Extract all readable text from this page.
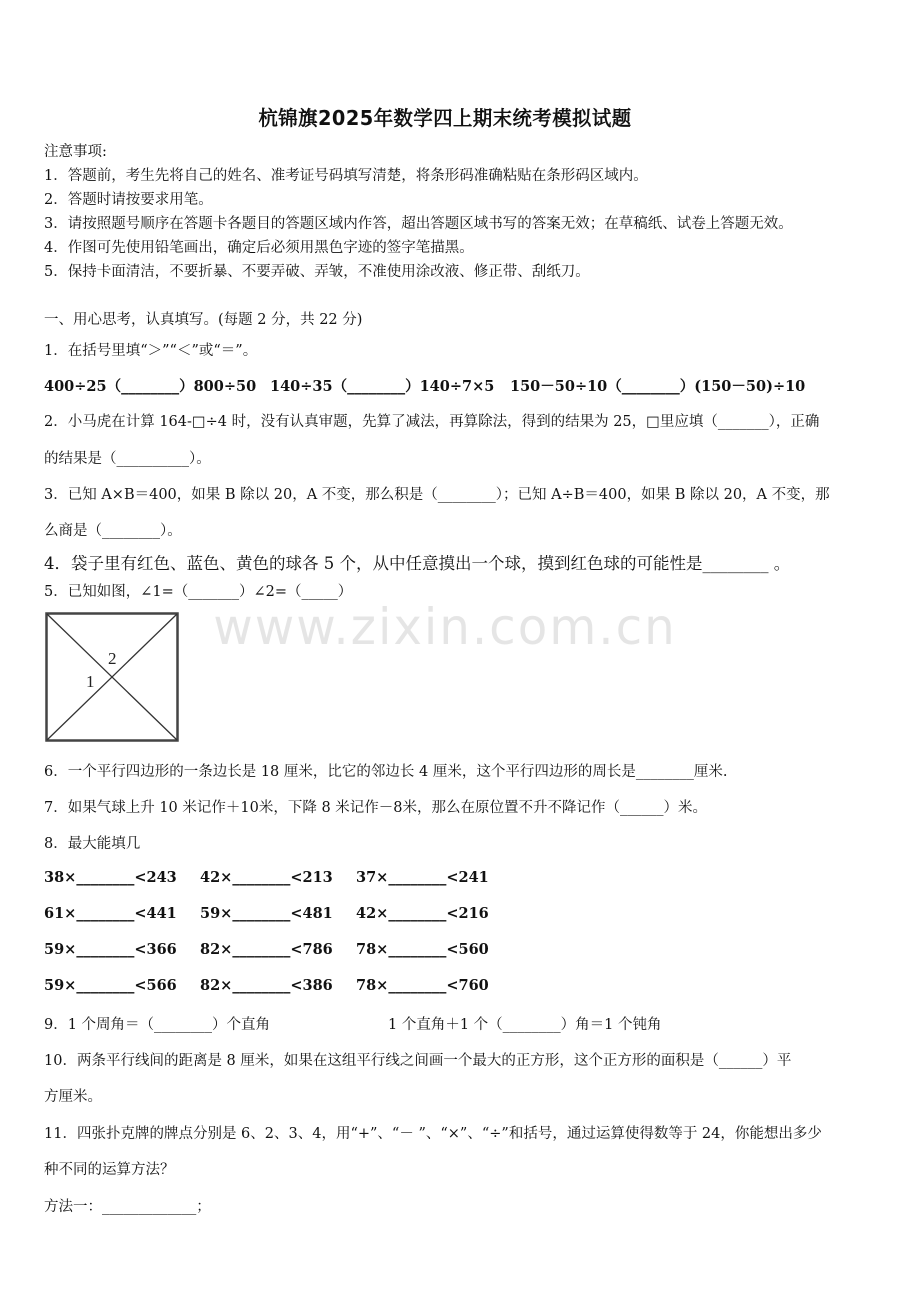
杭锦旗2025年数学四上期末统考模拟试题
注意事项:
1．答题前，考生先将自己的姓名、准考证号码填写清楚，将条形码准确粘贴在条形码区域内。
2．答题时请按要求用笔。
3．请按照题号顺序在答题卡各题目的答题区域内作答，超出答题区域书写的答案无效；在草稿纸、试卷上答题无效。
4．作图可先使用铅笔画出，确定后必须用黑色字迹的签字笔描黑。
5．保持卡面清洁，不要折暴、不要弄破、弄皱，不准使用涂改液、修正带、刮纸刀。
一、用心思考，认真填写。(每题 2 分，共 22 分)
1．在括号里填“＞”“＜”或“＝”。
400÷25（________）800÷50 140÷35（________）140÷7×5 150－50÷10（________）(150－50)÷10
2．小马虎在计算 164-□÷4 时，没有认真审题，先算了减法，再算除法，得到的结果为 25，□里应填（_______），正确
的结果是（__________）。
3．已知 A×B＝400，如果 B 除以 20，A 不变，那么积是（________）；已知 A÷B＝400，如果 B 除以 20，A 不变，那
么商是（________）。
4．袋子里有红色、蓝色、黄色的球各 5 个，从中任意摸出一个球，摸到红色球的可能性是________ 。
5．已知如图，∠1=（_______）∠2=（_____）
2
1
www.zixin.com.cn
6．一个平行四边形的一条边长是 18 厘米，比它的邻边长 4 厘米，这个平行四边形的周长是________厘米.
7．如果气球上升 10 米记作＋10米，下降 8 米记作－8米，那么在原位置不升不降记作（______）米。
8．最大能填几
38×________<243 42×________<213 37×________<241
61×________<441 59×________<481 42×________<216
59×________<366 82×________<786 78×________<560
59×________<566 82×________<386 78×________<760
9．1 个周角＝（________）个直角	1 个直角＋1 个（________）角＝1 个钝角
10．两条平行线间的距离是 8 厘米，如果在这组平行线之间画一个最大的正方形，这个正方形的面积是（______）平
方厘米。
11．四张扑克牌的牌点分别是 6、2、3、4，用“+”、“－ ”、“×”、“÷”和括号，通过运算使得数等于 24，你能想出多少
种不同的运算方法？
方法一：_____________；
